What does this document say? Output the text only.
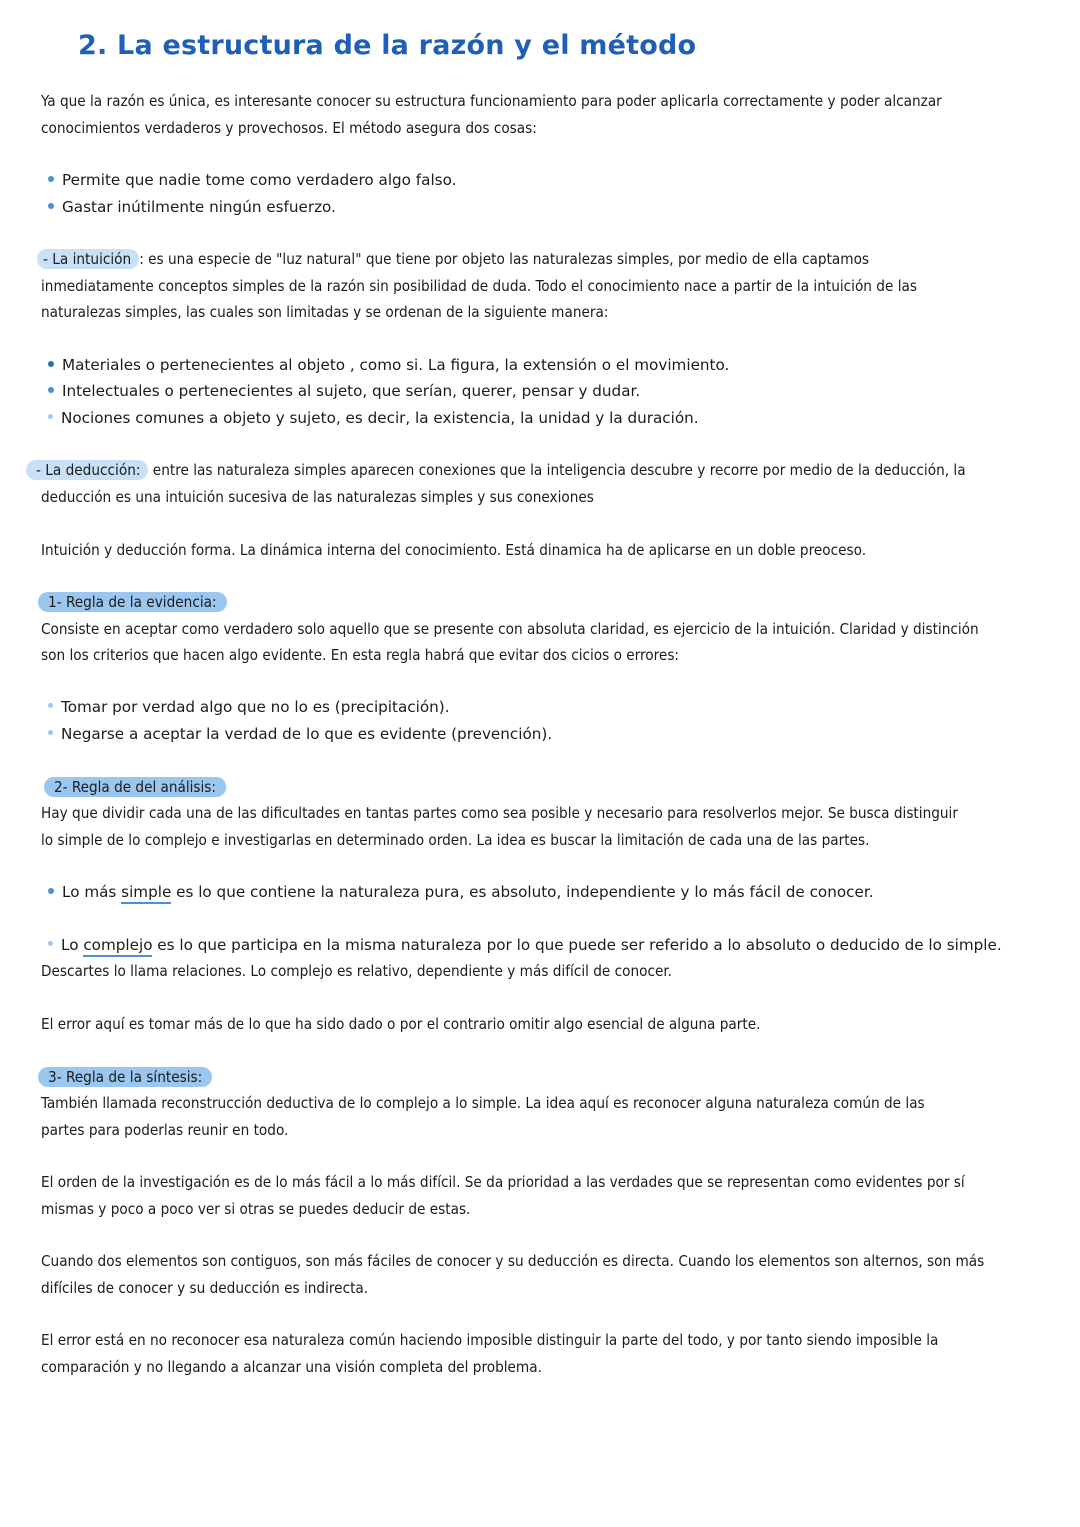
2. La estructura de la razón y el método
Ya que la razón es única, es interesante conocer su estructura funcionamiento para poder aplicarla correctamente y poder alcanzar
conocimientos verdaderos y provechosos. El método asegura dos cosas:
Permite que nadie tome como verdadero algo falso.
Gastar inútilmente ningún esfuerzo.
- La intuición : es una especie de "luz natural" que tiene por objeto las naturalezas simples, por medio de ella captamos
inmediatamente conceptos simples de la razón sin posibilidad de duda. Todo el conocimiento nace a partir de la intuición de las
naturalezas simples, las cuales son limitadas y se ordenan de la siguiente manera:
Materiales o pertenecientes al objeto , como si. La figura, la extensión o el movimiento.
Intelectuales o pertenecientes al sujeto, que serían, querer, pensar y dudar.
Nociones comunes a objeto y sujeto, es decir, la existencia, la unidad y la duración.
- La deducción: entre las naturaleza simples aparecen conexiones que la inteligencia descubre y recorre por medio de la deducción, la
deducción es una intuición sucesiva de las naturalezas simples y sus conexiones
Intuición y deducción forma. La dinámica interna del conocimiento. Está dinamica ha de aplicarse en un doble preoceso.
1- Regla de la evidencia:
Consiste en aceptar como verdadero solo aquello que se presente con absoluta claridad, es ejercicio de la intuición. Claridad y distinción
son los criterios que hacen algo evidente. En esta regla habrá que evitar dos cicios o errores:
Tomar por verdad algo que no lo es (precipitación).
Negarse a aceptar la verdad de lo que es evidente (prevención).
2- Regla de del análisis:
Hay que dividir cada una de las dificultades en tantas partes como sea posible y necesario para resolverlos mejor. Se busca distinguir
lo simple de lo complejo e investigarlas en determinado orden. La idea es buscar la limitación de cada una de las partes.
Lo más simple es lo que contiene la naturaleza pura, es absoluto, independiente y lo más fácil de conocer.
Lo complejo es lo que participa en la misma naturaleza por lo que puede ser referido a lo absoluto o deducido de lo simple.
Descartes lo llama relaciones. Lo complejo es relativo, dependiente y más difícil de conocer.
El error aquí es tomar más de lo que ha sido dado o por el contrario omitir algo esencial de alguna parte.
3- Regla de la síntesis:
También llamada reconstrucción deductiva de lo complejo a lo simple. La idea aquí es reconocer alguna naturaleza común de las
partes para poderlas reunir en todo.
El orden de la investigación es de lo más fácil a lo más difícil. Se da prioridad a las verdades que se representan como evidentes por sí
mismas y poco a poco ver si otras se puedes deducir de estas.
Cuando dos elementos son contiguos, son más fáciles de conocer y su deducción es directa. Cuando los elementos son alternos, son más
difíciles de conocer y su deducción es indirecta.
El error está en no reconocer esa naturaleza común haciendo imposible distinguir la parte del todo, y por tanto siendo imposible la
comparación y no llegando a alcanzar una visión completa del problema.
